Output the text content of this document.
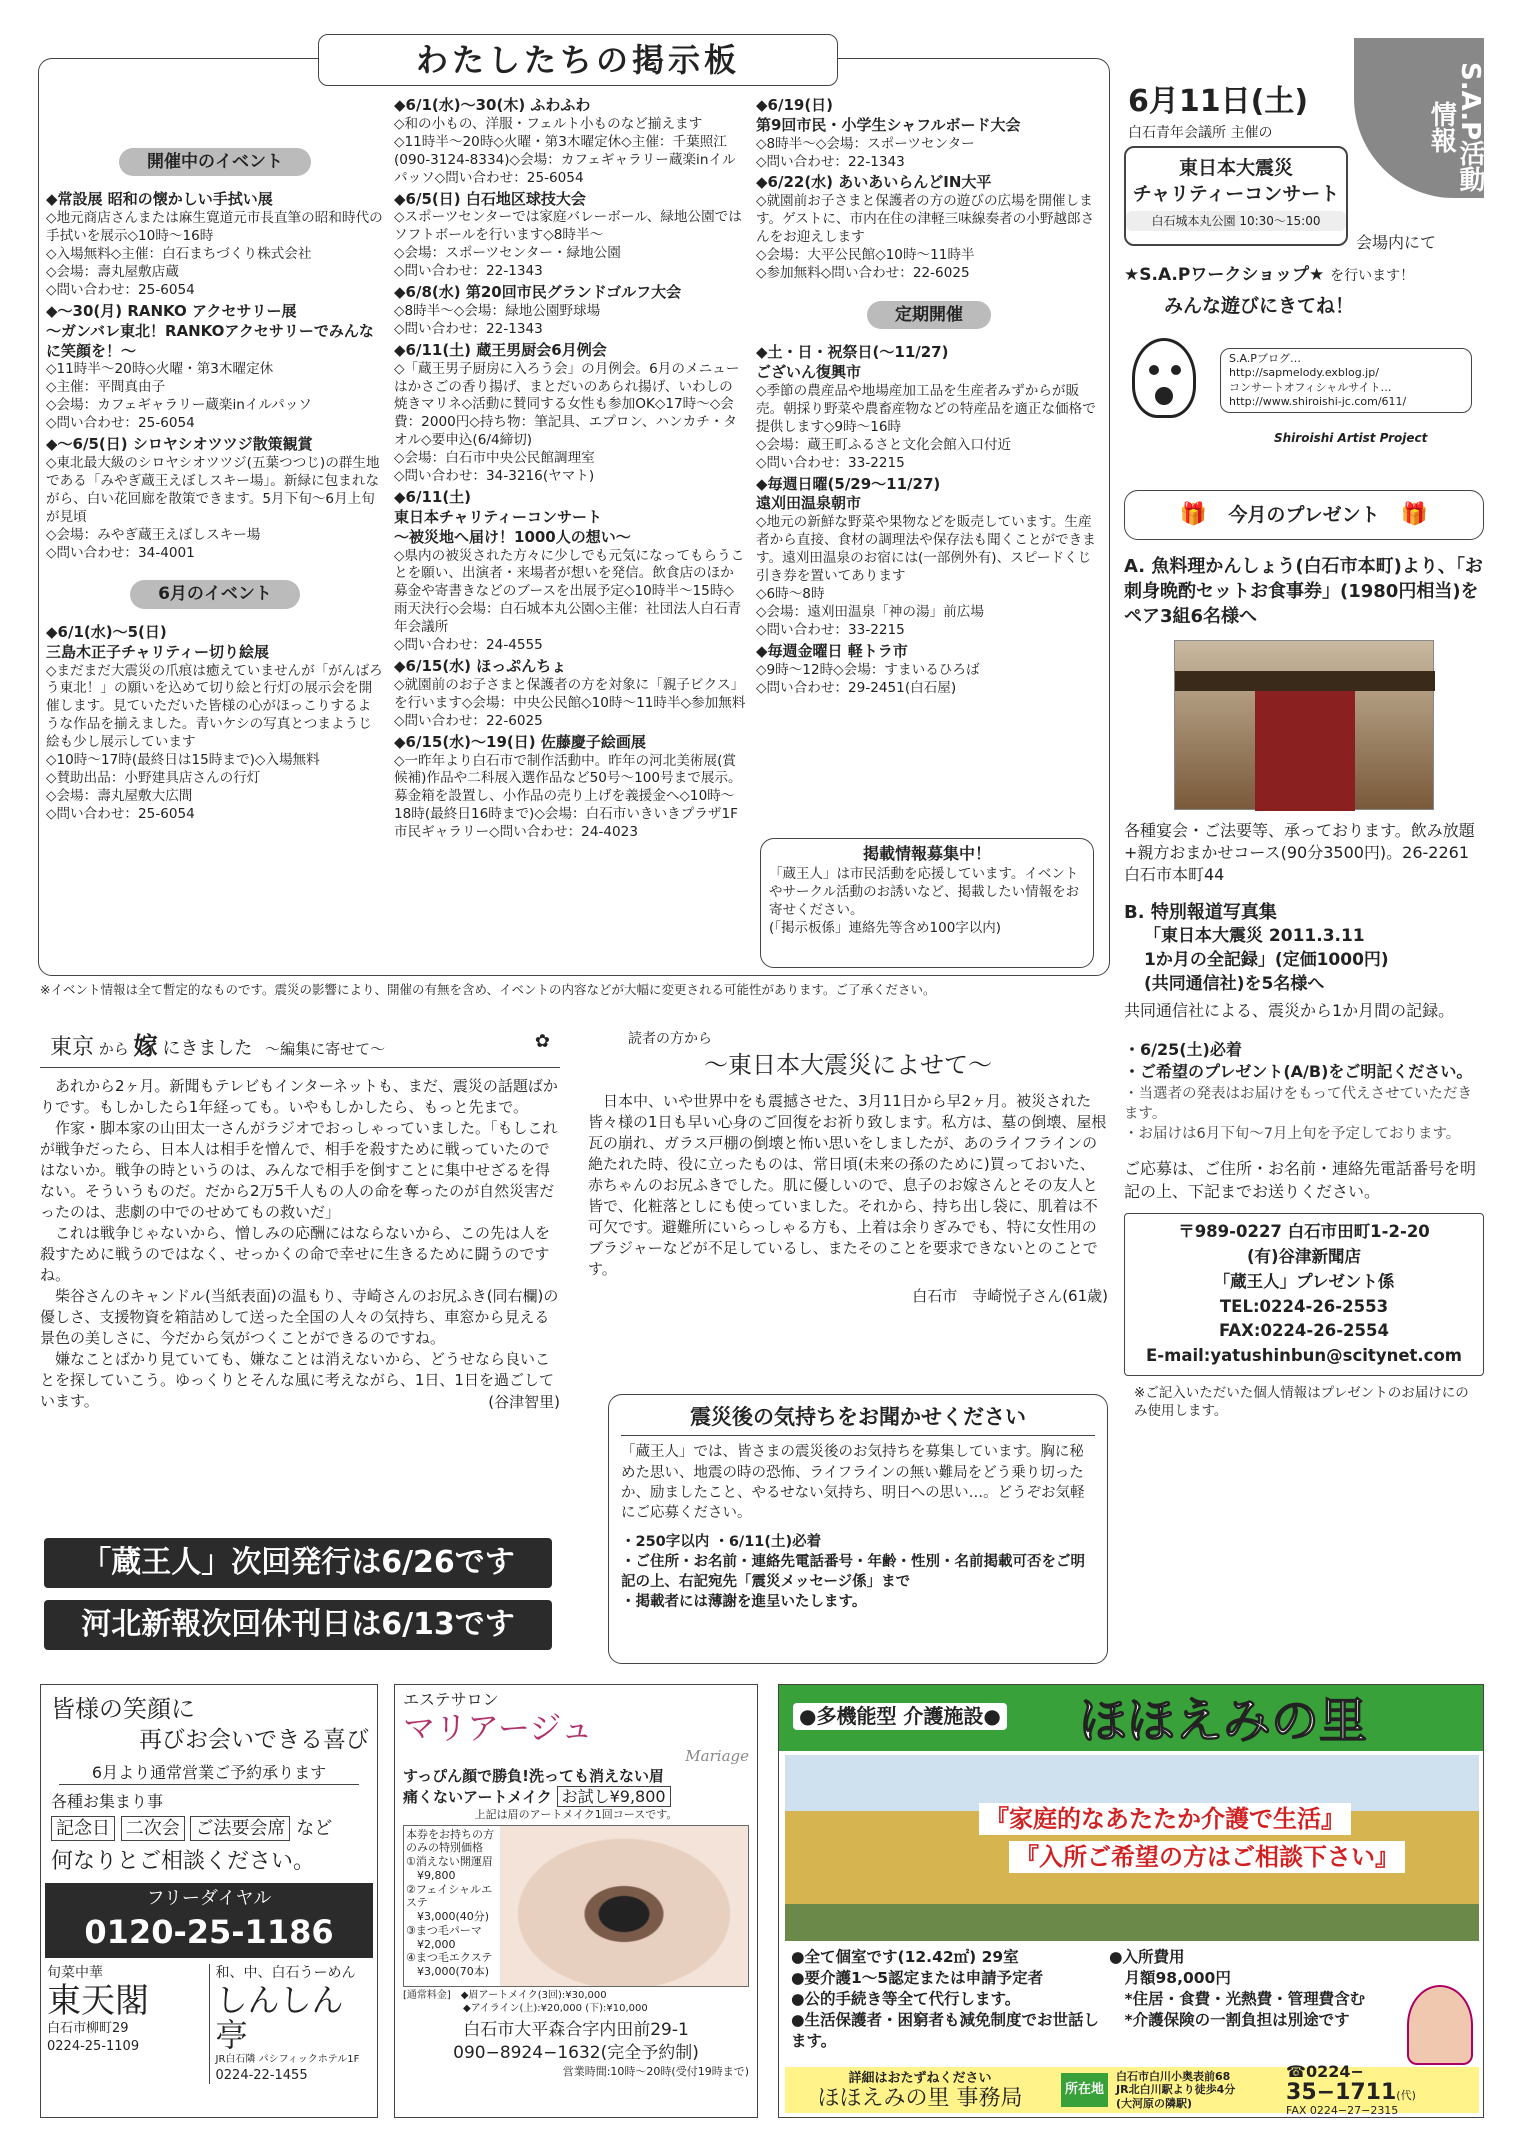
わたしたちの掲示板
開催中のイベント
◆常設展 昭和の懐かしい手拭い展
◇地元商店さんまたは麻生寛道元市長直筆の昭和時代の手拭いを展示◇10時〜16時
◇入場無料◇主催：白石まちづくり株式会社
◇会場：壽丸屋敷店蔵
◇問い合わせ：25-6054
◆〜30(月) RANKO アクセサリー展
〜ガンバレ東北！RANKOアクセサリーでみんなに笑顔を！〜
◇11時半〜20時◇火曜・第3木曜定休
◇主催：平間真由子
◇会場：カフェギャラリー蔵楽inイルパッソ
◇問い合わせ：25-6054
◆〜6/5(日) シロヤシオツツジ散策観賞
◇東北最大級のシロヤシオツツジ(五葉つつじ)の群生地である「みやぎ蔵王えぼしスキー場」。新緑に包まれながら、白い花回廊を散策できます。5月下旬〜6月上旬が見頃
◇会場：みやぎ蔵王えぼしスキー場
◇問い合わせ：34-4001
6月のイベント
◆6/1(水)〜5(日)
三島木正子チャリティー切り絵展
◇まだまだ大震災の爪痕は癒えていませんが「がんばろう東北！」の願いを込めて切り絵と行灯の展示会を開催します。見ていただいた皆様の心がほっこりするような作品を揃えました。青いケシの写真とつまようじ絵も少し展示しています
◇10時〜17時(最終日は15時まで)◇入場無料
◇賛助出品：小野建具店さんの行灯
◇会場：壽丸屋敷大広間
◇問い合わせ：25-6054
◆6/1(水)〜30(木) ふわふわ
◇和の小もの、洋服・フェルト小ものなど揃えます
◇11時半〜20時◇火曜・第3木曜定休◇主催：千葉照江(090-3124-8334)◇会場：カフェギャラリー蔵楽inイルパッソ◇問い合わせ：25-6054
◆6/5(日) 白石地区球技大会
◇スポーツセンターでは家庭バレーボール、緑地公園ではソフトボールを行います◇8時半〜
◇会場：スポーツセンター・緑地公園
◇問い合わせ：22-1343
◆6/8(水) 第20回市民グランドゴルフ大会
◇8時半〜◇会場：緑地公園野球場
◇問い合わせ：22-1343
◆6/11(土) 蔵王男厨会6月例会
◇「蔵王男子厨房に入ろう会」の月例会。6月のメニューはかさごの香り揚げ、まとだいのあられ揚げ、いわしの焼きマリネ◇活動に賛同する女性も参加OK◇17時〜◇会費：2000円◇持ち物：筆記具、エプロン、ハンカチ・タオル◇要申込(6/4締切)
◇会場：白石市中央公民館調理室
◇問い合わせ：34-3216(ヤマト)
◆6/11(土)
東日本チャリティーコンサート
〜被災地へ届け！1000人の想い〜
◇県内の被災された方々に少しでも元気になってもらうことを願い、出演者・来場者が想いを発信。飲食店のほか募金や寄書きなどのブースを出展予定◇10時半〜15時◇雨天決行◇会場：白石城本丸公園◇主催：社団法人白石青年会議所
◇問い合わせ：24-4555
◆6/15(水) ほっぷんちょ
◇就園前のお子さまと保護者の方を対象に「親子ビクス」を行います◇会場：中央公民館◇10時〜11時半◇参加無料◇問い合わせ：22-6025
◆6/15(水)〜19(日) 佐藤慶子絵画展
◇一昨年より白石市で制作活動中。昨年の河北美術展(賞候補)作品や二科展入選作品など50号〜100号まで展示。募金箱を設置し、小作品の売り上げを義援金へ◇10時〜18時(最終日16時まで)◇会場：白石市いきいきプラザ1F市民ギャラリー◇問い合わせ：24-4023
◆6/19(日)
第9回市民・小学生シャフルボード大会
◇8時半〜◇会場：スポーツセンター
◇問い合わせ：22-1343
◆6/22(水) あいあいらんどIN大平
◇就園前お子さまと保護者の方の遊びの広場を開催します。ゲストに、市内在住の津軽三味線奏者の小野越郎さんをお迎えします
◇会場：大平公民館◇10時〜11時半
◇参加無料◇問い合わせ：22-6025
定期開催
◆土・日・祝祭日(〜11/27)
ございん復興市
◇季節の農産品や地場産加工品を生産者みずからが販売。朝採り野菜や農畜産物などの特産品を適正な価格で提供します◇9時〜16時
◇会場：蔵王町ふるさと文化会館入口付近
◇問い合わせ：33-2215
◆毎週日曜(5/29〜11/27)
遠刈田温泉朝市
◇地元の新鮮な野菜や果物などを販売しています。生産者から直接、食材の調理法や保存法も聞くことができます。遠刈田温泉のお宿には(一部例外有)、スピードくじ引き券を置いてあります
◇6時〜8時
◇会場：遠刈田温泉「神の湯」前広場
◇問い合わせ：33-2215
◆毎週金曜日 軽トラ市
◇9時〜12時◇会場：すまいるひろば
◇問い合わせ：29-2451(白石屋)
掲載情報募集中！
「蔵王人」は市民活動を応援しています。イベントやサークル活動のお誘いなど、掲載したい情報をお寄せください。
(「掲示板係」連絡先等含め100字以内)
※イベント情報は全て暫定的なものです。震災の影響により、開催の有無を含め、イベントの内容などが大幅に変更される可能性があります。ご了承ください。
S.A.P活動情報
6月11日(土)
白石青年会議所 主催の
東日本大震災
チャリティーコンサート
白石城本丸公園 10:30〜15:00
会場内にて
★S.A.Pワークショップ★ を行います！
みんな遊びにきてね！
S.A.Pブログ…
http://sapmelody.exblog.jp/
コンサートオフィシャルサイト…
http://www.shiroishi-jc.com/611/
Shiroishi Artist Project
🎁 今月のプレゼント 🎁
A. 魚料理かんしょう(白石市本町)より、「お刺身晩酌セットお食事券」(1980円相当)をペア3組6名様へ
各種宴会・ご法要等、承っております。飲み放題+親方おまかせコース(90分3500円)。26-2261 白石市本町44
B. 特別報道写真集
「東日本大震災 2011.3.11
1か月の全記録」(定価1000円)
(共同通信社)を5名様へ
共同通信社による、震災から1か月間の記録。
・6/25(土)必着
・ご希望のプレゼント(A/B)をご明記ください。
・当選者の発表はお届けをもって代えさせていただきます。
・お届けは6月下旬〜7月上旬を予定しております。
ご応募は、ご住所・お名前・連絡先電話番号を明記の上、下記までお送りください。
〒989-0227 白石市田町1-2-20
(有)谷津新聞店
「蔵王人」プレゼント係
TEL:0224-26-2553
FAX:0224-26-2554
E-mail:yatushinbun@scitynet.com
※ご記入いただいた個人情報はプレゼントのお届けにのみ使用します。
東京 から 嫁 にきました 〜編集に寄せて〜	✿
　あれから2ヶ月。新聞もテレビもインターネットも、まだ、震災の話題ばかりです。もしかしたら1年経っても。いやもしかしたら、もっと先まで。
　作家・脚本家の山田太一さんがラジオでおっしゃっていました。「もしこれが戦争だったら、日本人は相手を憎んで、相手を殺すために戦っていたのではないか。戦争の時というのは、みんなで相手を倒すことに集中せざるを得ない。そういうものだ。だから2万5千人もの人の命を奪ったのが自然災害だったのは、悲劇の中でのせめてもの救いだ」
　これは戦争じゃないから、憎しみの応酬にはならないから、この先は人を殺すために戦うのではなく、せっかくの命で幸せに生きるために闘うのですね。
　柴谷さんのキャンドル(当紙表面)の温もり、寺崎さんのお尻ふき(同右欄)の優しさ、支援物資を箱詰めして送った全国の人々の気持ち、車窓から見える景色の美しさに、今だから気がつくことができるのですね。
　嫌なことばかり見ていても、嫌なことは消えないから、どうせなら良いことを探していこう。ゆっくりとそんな風に考えながら、1日、1日を過ごしています。	(谷津智里)
「蔵王人」次回発行は6/26です
河北新報次回休刊日は6/13です
読者の方から
〜東日本大震災によせて〜
　日本中、いや世界中をも震撼させた、3月11日から早2ヶ月。被災された皆々様の1日も早い心身のご回復をお祈り致します。私方は、墓の倒壊、屋根瓦の崩れ、ガラス戸棚の倒壊と怖い思いをしましたが、あのライフラインの絶たれた時、役に立ったものは、常日頃(未来の孫のために)買っておいた、赤ちゃんのお尻ふきでした。肌に優しいので、息子のお嫁さんとその友人と皆で、化粧落としにも使っていました。それから、持ち出し袋に、肌着は不可欠です。避難所にいらっしゃる方も、上着は余りぎみでも、特に女性用のブラジャーなどが不足しているし、またそのことを要求できないとのことです。
白石市　寺崎悦子さん(61歳)
震災後の気持ちをお聞かせください
「蔵王人」では、皆さまの震災後のお気持ちを募集しています。胸に秘めた思い、地震の時の恐怖、ライフラインの無い難局をどう乗り切ったか、励ましたこと、やるせない気持ち、明日への思い…。どうぞお気軽にご応募ください。
・250字以内 ・6/11(土)必着
・ご住所・お名前・連絡先電話番号・年齢・性別・名前掲載可否をご明記の上、右記宛先「震災メッセージ係」まで
・掲載者には薄謝を進呈いたします。
皆様の笑顔に
再びお会いできる喜び
6月より通常営業ご予約承ります
各種お集まり事
記念日 二次会 ご法要会席 など
何なりとご相談ください。
フリーダイヤル
0120-25-1186
旬菜中華
東天閣
白石市柳町29
0224-25-1109
和、中、白石うーめん
しんしん亭
JR白石隣 パシフィックホテル1F
0224-22-1455
エステサロン
マリアージュ
Mariage
すっぴん顔で勝負!洗っても消えない眉
痛くないアートメイク お試し¥9,800
上記は眉のアートメイク1回コースです。
本券をお持ちの方のみの特別価格
①消えない開運眉
　¥9,800
②フェイシャルエステ
　¥3,000(40分)
③まつ毛パーマ
　¥2,000
④まつ毛エクステ
　¥3,000(70本)
[通常料金]　◆眉アートメイク(3回):¥30,000
　　　　　　◆アイライン(上):¥20,000 (下):¥10,000
白石市大平森合字内田前29-1
090−8924−1632(完全予約制)
営業時間:10時〜20時(受付19時まで)
●多機能型 介護施設● ほほえみの里
『家庭的なあたたか介護で生活』
『入所ご希望の方はご相談下さい』
●全て個室です(12.42㎡) 29室
●要介護1〜5認定または申請予定者
●公的手続き等全て代行します。
●生活保護者・困窮者も減免制度でお世話します。
●入所費用
　月額98,000円
　*住居・食費・光熱費・管理費含む
　*介護保険の一割負担は別途です
詳細はおたずねください
ほほえみの里 事務局	所在地
白石市白川小奥表前68
JR北白川駅より徒歩4分
(大河原の隣駅)
☎0224−
35−1711(代)
FAX 0224−27−2315
